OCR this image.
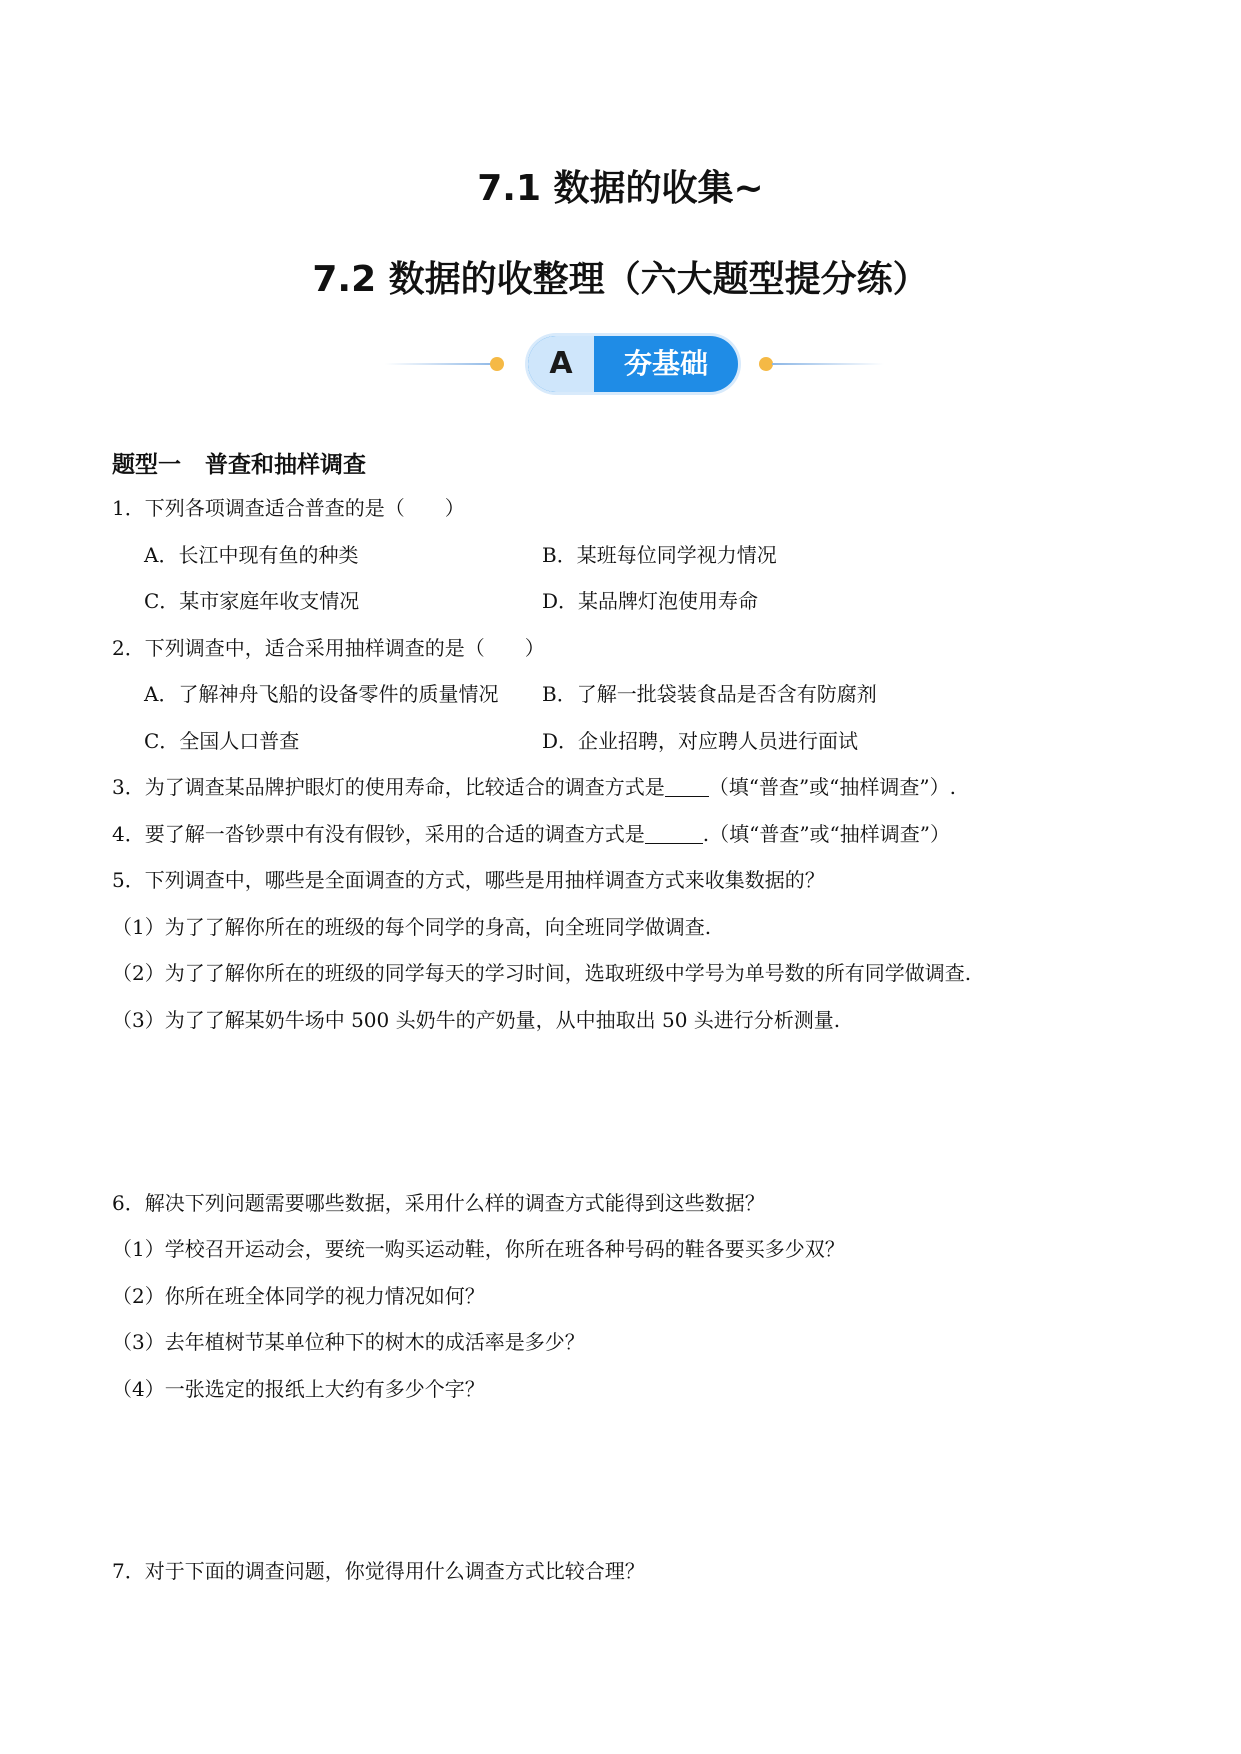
7.1 数据的收集~
7.2 数据的收整理（六大题型提分练）
A	夯基础
题型一 普查和抽样调查
1．下列各项调查适合普查的是（　　）
A．长江中现有鱼的种类	B．某班每位同学视力情况
C．某市家庭年收支情况	D．某品牌灯泡使用寿命
2．下列调查中，适合采用抽样调查的是（　　）
A．了解神舟飞船的设备零件的质量情况 B．了解一批袋装食品是否含有防腐剂
C．全国人口普查	D．企业招聘，对应聘人员进行面试
3．为了调查某品牌护眼灯的使用寿命，比较适合的调查方式是 （填“普查”或“抽样调查”）.
4．要了解一沓钞票中有没有假钞，采用的合适的调查方式是	.（填“普查”或“抽样调查”）
5．下列调查中，哪些是全面调查的方式，哪些是用抽样调查方式来收集数据的？
（1）为了了解你所在的班级的每个同学的身高，向全班同学做调查.
（2）为了了解你所在的班级的同学每天的学习时间，选取班级中学号为单号数的所有同学做调查.
（3）为了了解某奶牛场中 500 头奶牛的产奶量，从中抽取出 50 头进行分析测量.
6．解决下列问题需要哪些数据，采用什么样的调查方式能得到这些数据？
（1）学校召开运动会，要统一购买运动鞋，你所在班各种号码的鞋各要买多少双？
（2）你所在班全体同学的视力情况如何？
（3）去年植树节某单位种下的树木的成活率是多少？
（4）一张选定的报纸上大约有多少个字？
7．对于下面的调查问题，你觉得用什么调查方式比较合理？
